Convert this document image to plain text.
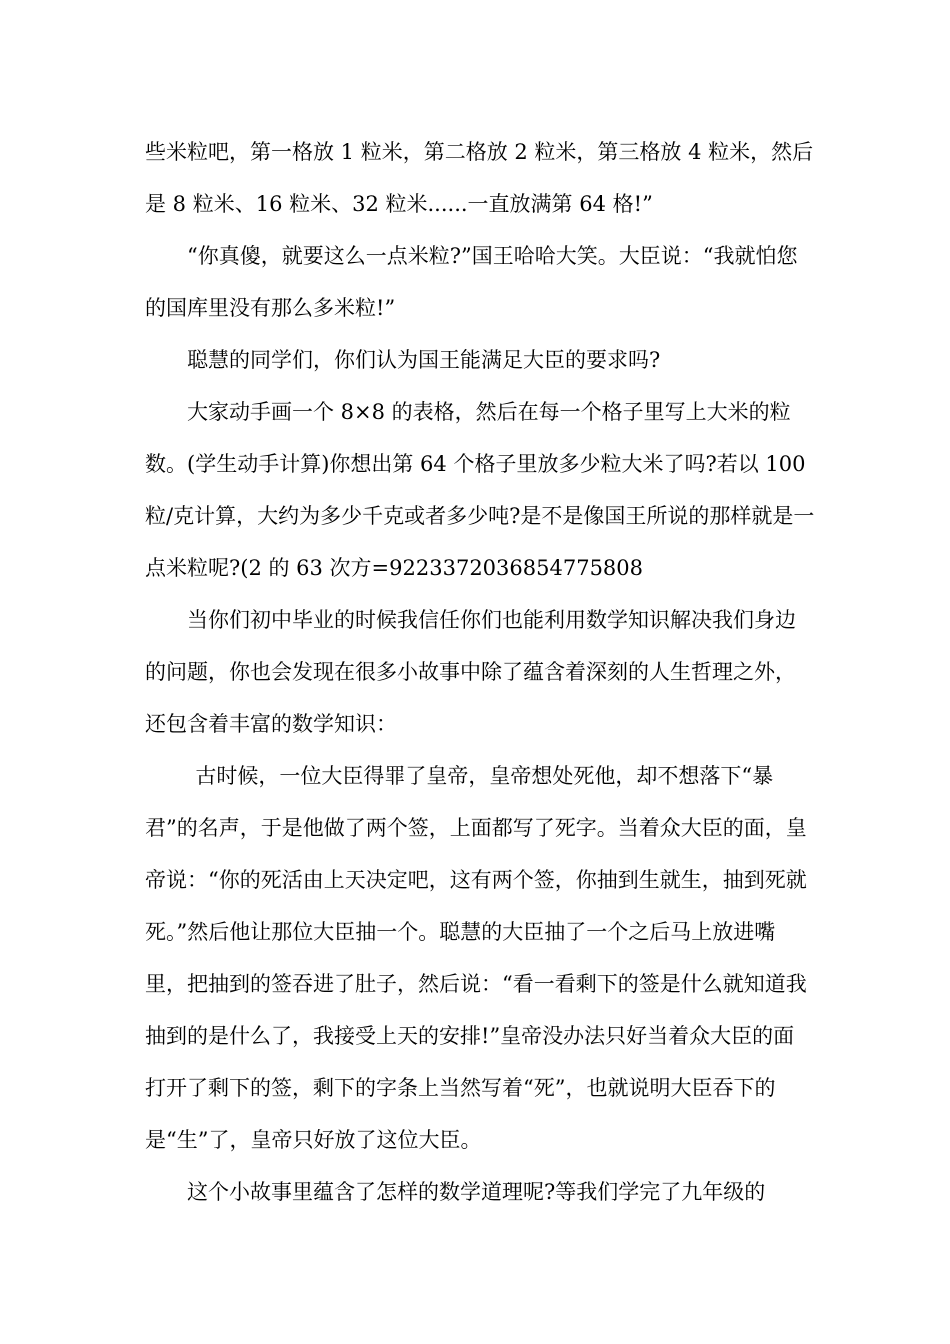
些米粒吧，第一格放 1 粒米，第二格放 2 粒米，第三格放 4 粒米，然后是 8 粒米、16 粒米、32 粒米......一直放满第 64 格!”

“你真傻，就要这么一点米粒?”国王哈哈大笑。大臣说：“我就怕您的国库里没有那么多米粒!”

聪慧的同学们，你们认为国王能满足大臣的要求吗?

大家动手画一个 8×8 的表格，然后在每一个格子里写上大米的粒数。(学生动手计算)你想出第 64 个格子里放多少粒大米了吗?若以 100 粒/克计算，大约为多少千克或者多少吨?是不是像国王所说的那样就是一点米粒呢?(2 的 63 次方=9223372036854775808

当你们初中毕业的时候我信任你们也能利用数学知识解决我们身边的问题，你也会发现在很多小故事中除了蕴含着深刻的人生哲理之外，还包含着丰富的数学知识：

古时候，一位大臣得罪了皇帝，皇帝想处死他，却不想落下“暴君”的名声，于是他做了两个签，上面都写了死字。当着众大臣的面，皇帝说：“你的死活由上天决定吧，这有两个签，你抽到生就生，抽到死就死。”然后他让那位大臣抽一个。聪慧的大臣抽了一个之后马上放进嘴里，把抽到的签吞进了肚子，然后说：“看一看剩下的签是什么就知道我抽到的是什么了，我接受上天的安排!”皇帝没办法只好当着众大臣的面打开了剩下的签，剩下的字条上当然写着“死”，也就说明大臣吞下的是“生”了，皇帝只好放了这位大臣。

这个小故事里蕴含了怎样的数学道理呢?等我们学完了九年级的
